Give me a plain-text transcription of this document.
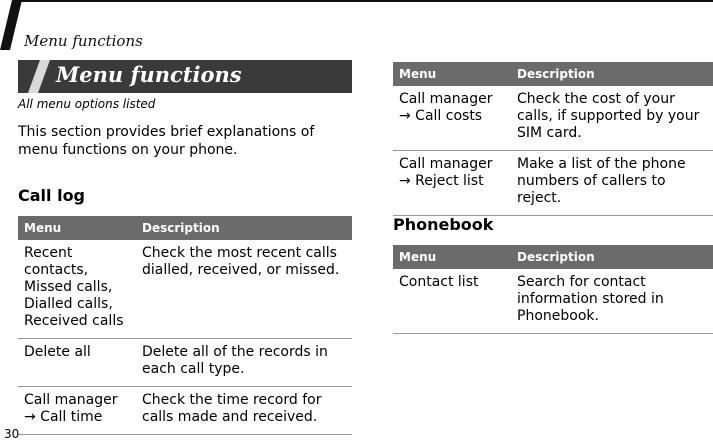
Menu functions
Menu functions
All menu options listed
This section provides brief explanations of menu functions on your phone.
Call log
Menu	Description
Recent contacts, Missed calls, Dialled calls, Received calls	Check the most recent calls dialled, received, or missed.
Delete all	Delete all of the records in each call type.
Call manager → Call time	Check the time record for calls made and received.
Menu	Description
Call manager → Call costs	Check the cost of your calls, if supported by your SIM card.
Call manager → Reject list	Make a list of the phone numbers of callers to reject.
Phonebook
Menu	Description
Contact list	Search for contact information stored in Phonebook.
30
